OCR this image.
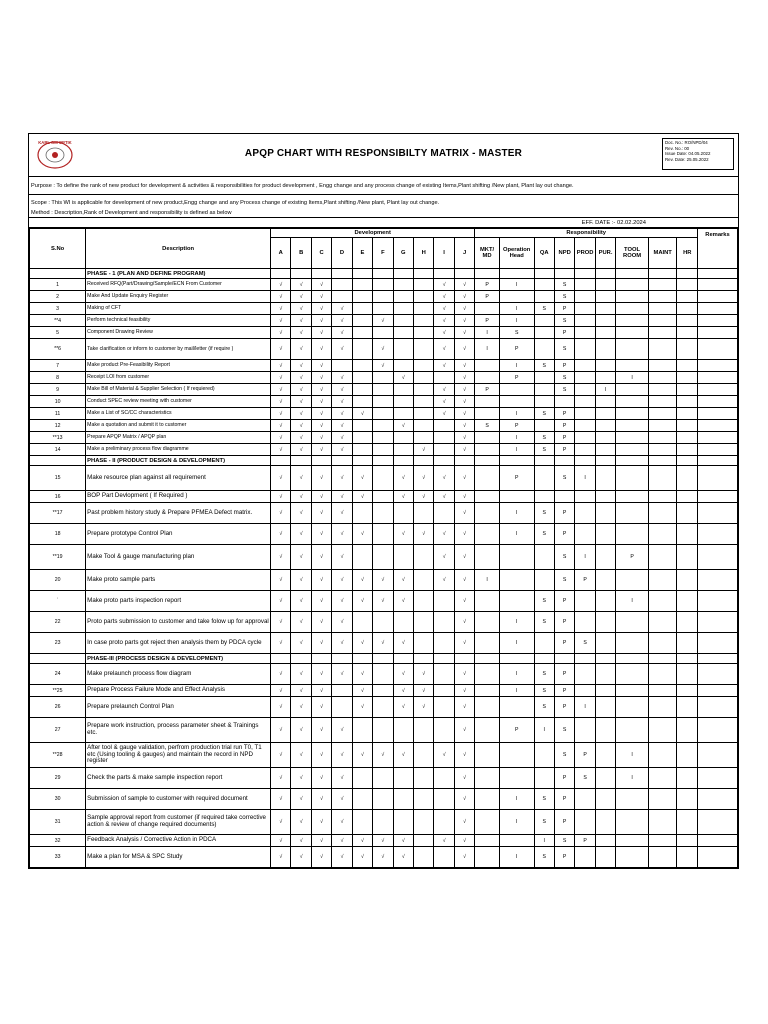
KARL OM OPTIK
APQP CHART WITH RESPONSIBILTY MATRIX - MASTER
Doc. No.: RO/NPD/04
Rev. No.: 00
Issue Date: 04.05.2022
Rev. Date: 25.05.2022
Purpose : To define the rank of new product for development & activities & responsibilities for product development , Engg change and any process change of existing Items,Plant shifting /New plant, Plant lay out change.
Scope : This WI is applicable for development of new product,Engg change and any Process change of existing Items,Plant shifting /New plant, Plant lay out change.
Method : Description,Rank of Development and responsibility is defined as below
EFF. DATE :- 02.02.2024
S.No	Description	Development										Responsibility									Remarks
		A	B	C	D	E	F	G	H	I	J	MKT/ MD	Operation Head	QA	NPD	PROD	PUR.	TOOL ROOM	MAINT	HR	
	PHASE - 1 (PLAN AND DEFINE PROGRAM)																				
1	Received RFQ(Part/Drawing/Sample/ECN From Customer	√	√	√						√	√	P	I		S						
2	Make And Update Enquiry Register	√	√	√						√	√	P			S						
3	Making of CFT	√	√	√	√					√	√		I	S	P						
**4	Perform technical feasibility	√	√	√	√		√			√	√	P	I		S						
5	Component Drawing Review	√	√	√	√					√	√	I	S		P						
**6	Take clarification or inform to customer by mail/letter (if require )	√	√	√	√		√			√	√	I	P		S						
7	Make product Pre-Feasibility Report	√	√	√			√			√	√		I	S	P						
8	Receipt LOI from customer	√	√	√	√			√			√		P		S			I			
9	Make Bill of Material & Supplier Selection ( If requiered)	√	√	√	√					√	√	P			S		I				
10	Conduct SPEC review meeting with customer	√	√	√	√					√	√										
11	Make a List of SC/CC characteristics	√	√	√	√	√				√	√		I	S	P						
12	Make a quotation and submit it to customer	√	√	√	√			√			√	S	P		P						
**13	Prepare APQP Matrix / APQP plan	√	√	√	√						√		I	S	P						
14	Make a preliminary process flow diagramme	√	√	√	√				√		√		I	S	P						
	PHASE - II (PRODUCT DESIGN & DEVELOPMENT)																				
15	Make resource plan against all requirement	√	√	√	√	√		√	√	√	√		P		S	I					
16	BOP Part Devlopment ( If Required )	√	√	√	√	√		√	√	√	√										
**17	Past problem history study & Prepare PFMEA Defect matrix.	√	√	√	√						√		I	S	P						
18	Prepare prototype Control Plan	√	√	√	√	√		√	√	√	√		I	S	P						
**19	Make Tool & gauge manufacturing plan	√	√	√	√					√	√				S	I		P			
20	Make proto sample parts	√	√	√	√	√	√	√		√	√	I			S	P					
`	Make proto parts inspection report	√	√	√	√	√	√	√			√			S	P			I			
22	Proto parts submission to customer and take folow up for approval	√	√	√	√						√		I	S	P						
23	In case proto parts got reject then analysis them by PDCA cycle	√	√	√	√	√	√	√			√		I		P	S					
	PHASE-III (PROCESS DESIGN & DEVELOPMENT)																				
24	Make prelaunch process flow diagram	√	√	√	√	√		√	√		√		I	S	P						
**25	Prepare Process Failure Mode and Effect Analysis	√	√	√		√		√	√		√		I	S	P						
26	Prepare prelaunch Control Plan	√	√	√		√		√	√		√			S	P	I					
27	Prepare work instruction, process parameter sheet & Trainings etc.	√	√	√	√						√		P	I	S						
**28	After tool & gauge validation, perfrom production trial run T0, T1 etc (Using tooling & gauges) and maintain the record in NPD register	√	√	√	√	√	√	√		√	√				S	P		I			
29	Check the parts & make sample inspection report	√	√	√	√						√				P	S		I			
30	Submission of sample to customer with required document	√	√	√	√						√		I	S	P						
31	Sample approval report from customer (if required take corrective action & review of change required documents)	√	√	√	√						√		I	S	P						
32	Feedback Analysis / Corrective Action in PDCA	√	√	√	√	√	√	√		√	√			I	S	P					
33	Make a plan for MSA & SPC Study	√	√	√	√	√	√	√			√		I	S	P						
